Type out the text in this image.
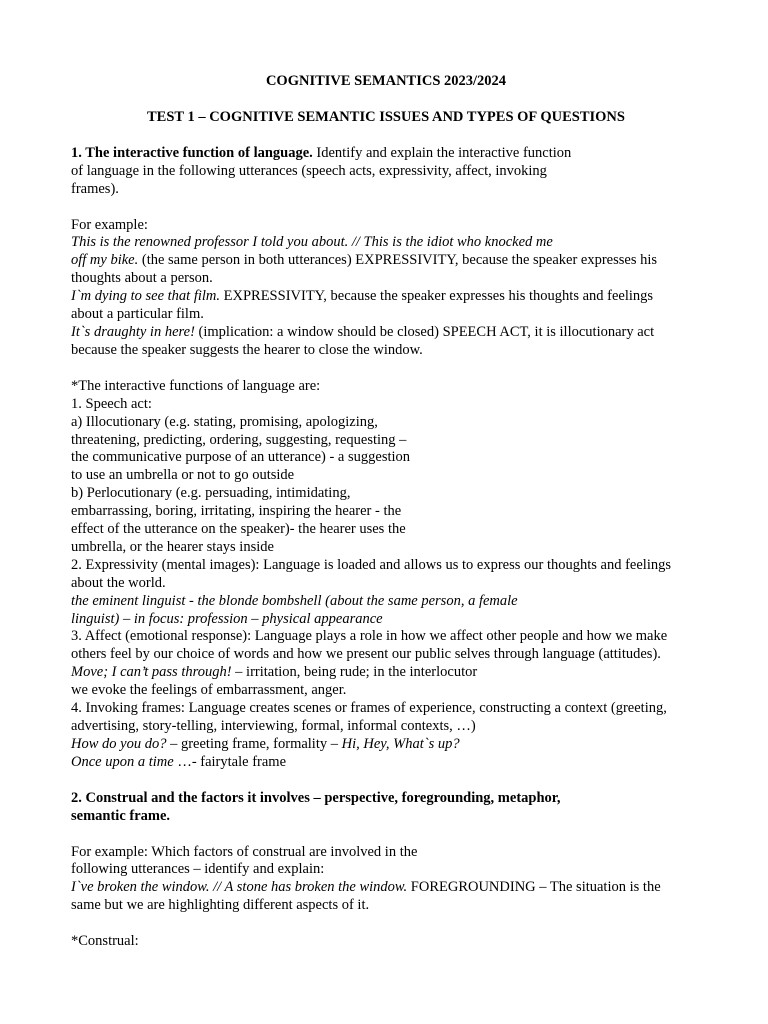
COGNITIVE SEMANTICS 2023/2024
TEST 1 – COGNITIVE SEMANTIC ISSUES AND TYPES OF QUESTIONS
1. The interactive function of language. Identify and explain the interactive function
of language in the following utterances (speech acts, expressivity, affect, invoking
frames).
For example:
This is the renowned professor I told you about. // This is the idiot who knocked me
off my bike. (the same person in both utterances) EXPRESSIVITY, because the speaker expresses his
thoughts about a person.
I`m dying to see that film. EXPRESSIVITY, because the speaker expresses his thoughts and feelings
about a particular film.
It`s draughty in here! (implication: a window should be closed) SPEECH ACT, it is illocutionary act
because the speaker suggests the hearer to close the window.
*The interactive functions of language are:
1. Speech act:
a) Illocutionary (e.g. stating, promising, apologizing,
threatening, predicting, ordering, suggesting, requesting –
the communicative purpose of an utterance) - a suggestion
to use an umbrella or not to go outside
b) Perlocutionary (e.g. persuading, intimidating,
embarrassing, boring, irritating, inspiring the hearer - the
effect of the utterance on the speaker)- the hearer uses the
umbrella, or the hearer stays inside
2. Expressivity (mental images): Language is loaded and allows us to express our thoughts and feelings
about the world.
the eminent linguist - the blonde bombshell (about the same person, a female
linguist) – in focus: profession – physical appearance
3. Affect (emotional response): Language plays a role in how we affect other people and how we make
others feel by our choice of words and how we present our public selves through language (attitudes).
Move; I can’t pass through! – irritation, being rude; in the interlocutor
we evoke the feelings of embarrassment, anger.
4. Invoking frames: Language creates scenes or frames of experience, constructing a context (greeting,
advertising, story-telling, interviewing, formal, informal contexts, …)
How do you do? – greeting frame, formality – Hi, Hey, What`s up?
Once upon a time …- fairytale frame
2. Construal and the factors it involves – perspective, foregrounding, metaphor,
semantic frame.
For example: Which factors of construal are involved in the
following utterances – identify and explain:
I`ve broken the window. // A stone has broken the window. FOREGROUNDING – The situation is the
same but we are highlighting different aspects of it.
*Construal:
